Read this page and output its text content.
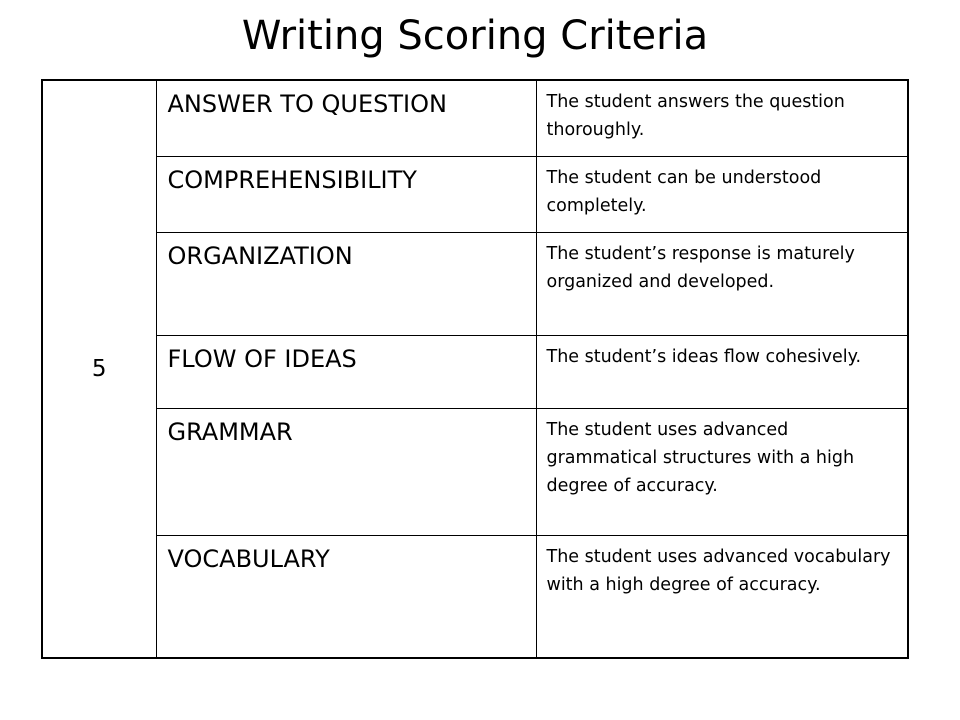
Writing Scoring Criteria
5	ANSWER TO QUESTION	The student answers the question thoroughly.
	COMPREHENSIBILITY	The student can be understood completely.
	ORGANIZATION	The student’s response is maturely organized and developed.
	FLOW OF IDEAS	The student’s ideas flow cohesively.
	GRAMMAR	The student uses advanced grammatical structures with a high degree of accuracy.
	VOCABULARY	The student uses advanced vocabulary with a high degree of accuracy.
